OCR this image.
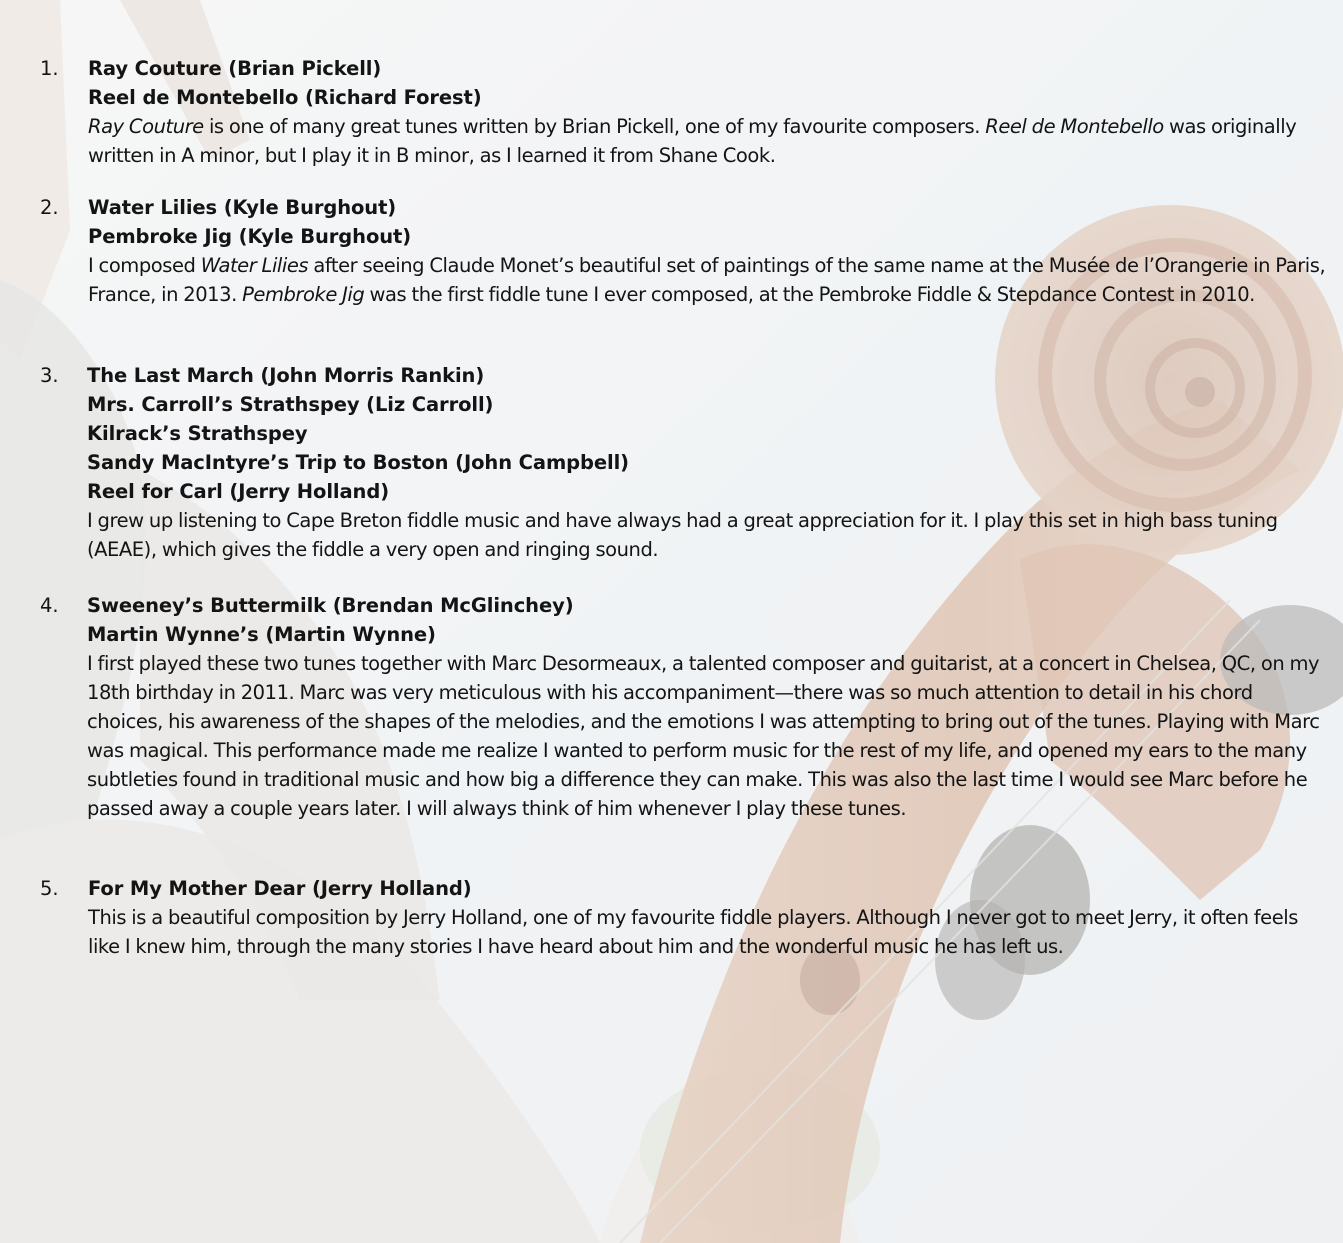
1. Ray Couture (Brian Pickell)
Reel de Montebello (Richard Forest)
Ray Couture is one of many great tunes written by Brian Pickell, one of my favourite composers. Reel de Montebello was originally written in A minor, but I play it in B minor, as I learned it from Shane Cook.
2. Water Lilies (Kyle Burghout)
Pembroke Jig (Kyle Burghout)
I composed Water Lilies after seeing Claude Monet’s beautiful set of paintings of the same name at the Musée de l’Orangerie in Paris, France, in 2013. Pembroke Jig was the first fiddle tune I ever composed, at the Pembroke Fiddle & Stepdance Contest in 2010.
3. The Last March (John Morris Rankin)
Mrs. Carroll’s Strathspey (Liz Carroll)
Kilrack’s Strathspey
Sandy MacIntyre’s Trip to Boston (John Campbell)
Reel for Carl (Jerry Holland)
I grew up listening to Cape Breton fiddle music and have always had a great appreciation for it. I play this set in high bass tuning (AEAE), which gives the fiddle a very open and ringing sound.
4. Sweeney’s Buttermilk (Brendan McGlinchey)
Martin Wynne’s (Martin Wynne)
I first played these two tunes together with Marc Desormeaux, a talented composer and guitarist, at a concert in Chelsea, QC, on my 18th birthday in 2011. Marc was very meticulous with his accompaniment—there was so much attention to detail in his chord choices, his awareness of the shapes of the melodies, and the emotions I was attempting to bring out of the tunes. Playing with Marc was magical. This performance made me realize I wanted to perform music for the rest of my life, and opened my ears to the many subtleties found in traditional music and how big a difference they can make. This was also the last time I would see Marc before he passed away a couple years later. I will always think of him whenever I play these tunes.
5. For My Mother Dear (Jerry Holland)
This is a beautiful composition by Jerry Holland, one of my favourite fiddle players. Although I never got to meet Jerry, it often feels like I knew him, through the many stories I have heard about him and the wonderful music he has left us.
